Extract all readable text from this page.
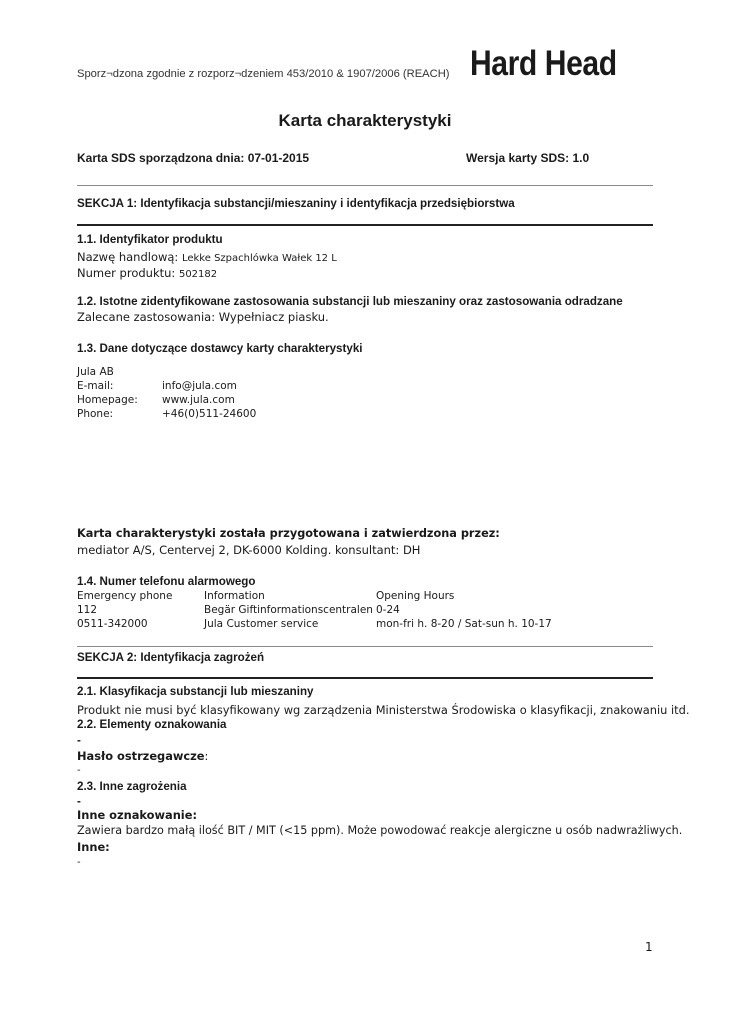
Sporz¬dzona zgodnie z rozporz¬dzeniem 453/2010 & 1907/2006 (REACH) Hard Head
Karta charakterystyki
Karta SDS sporządzona dnia: 07-01-2015	Wersja karty SDS: 1.0
SEKCJA 1: Identyfikacja substancji/mieszaniny i identyfikacja przedsiębiorstwa
1.1. Identyfikator produktu
Nazwę handlową: Lekke Szpachlówka Wałek 12 L
Numer produktu: 502182
1.2. Istotne zidentyfikowane zastosowania substancji lub mieszaniny oraz zastosowania odradzane
Zalecane zastosowania: Wypełniacz piasku.
1.3. Dane dotyczące dostawcy karty charakterystyki
Jula AB
E-mail:	info@jula.com
Homepage: www.jula.com
Phone:	+46(0)511-24600
Karta charakterystyki została przygotowana i zatwierdzona przez:
mediator A/S, Centervej 2, DK-6000 Kolding. konsultant: DH
1.4. Numer telefonu alarmowego
Emergency phone	Information	Opening Hours
112	Begär Giftinformationscentralen 0-24
0511-342000	Jula Customer service	mon-fri h. 8-20 / Sat-sun h. 10-17
SEKCJA 2: Identyfikacja zagrożeń
2.1. Klasyfikacja substancji lub mieszaniny
Produkt nie musi być klasyfikowany wg zarządzenia Ministerstwa Środowiska o klasyfikacji, znakowaniu itd.
2.2. Elementy oznakowania
-
Hasło ostrzegawcze:
-
2.3. Inne zagrożenia
-
Inne oznakowanie:
Zawiera bardzo małą ilość BIT / MIT (<15 ppm). Może powodować reakcje alergiczne u osób nadwrażliwych.
Inne:
-
1
